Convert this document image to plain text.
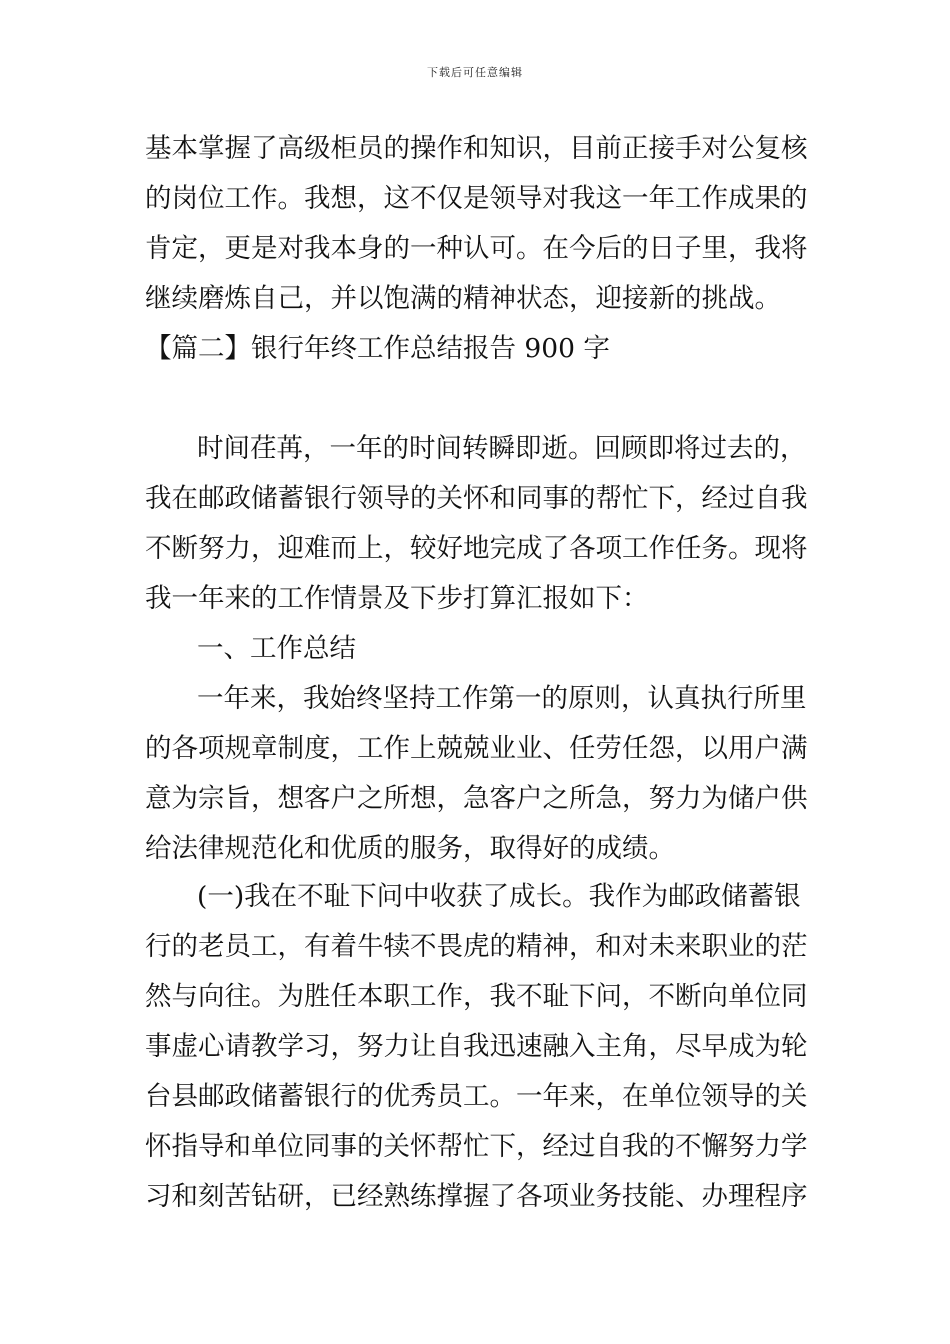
下载后可任意编辑
基本掌握了高级柜员的操作和知识，目前正接手对公复核
的岗位工作。我想，这不仅是领导对我这一年工作成果的
肯定，更是对我本身的一种认可。在今后的日子里，我将
继续磨炼自己，并以饱满的精神状态，迎接新的挑战。
【篇二】银行年终工作总结报告 900 字
时间荏苒，一年的时间转瞬即逝。回顾即将过去的，
我在邮政储蓄银行领导的关怀和同事的帮忙下，经过自我
不断努力，迎难而上，较好地完成了各项工作任务。现将
我一年来的工作情景及下步打算汇报如下：
一、工作总结
一年来，我始终坚持工作第一的原则，认真执行所里
的各项规章制度，工作上兢兢业业、任劳任怨，以用户满
意为宗旨，想客户之所想，急客户之所急，努力为储户供
给法律规范化和优质的服务，取得好的成绩。
(一)我在不耻下问中收获了成长。我作为邮政储蓄银
行的老员工，有着牛犊不畏虎的精神，和对未来职业的茫
然与向往。为胜任本职工作，我不耻下问，不断向单位同
事虚心请教学习，努力让自我迅速融入主角，尽早成为轮
台县邮政储蓄银行的优秀员工。一年来，在单位领导的关
怀指导和单位同事的关怀帮忙下，经过自我的不懈努力学
习和刻苦钻研，已经熟练撑握了各项业务技能、办理程序
